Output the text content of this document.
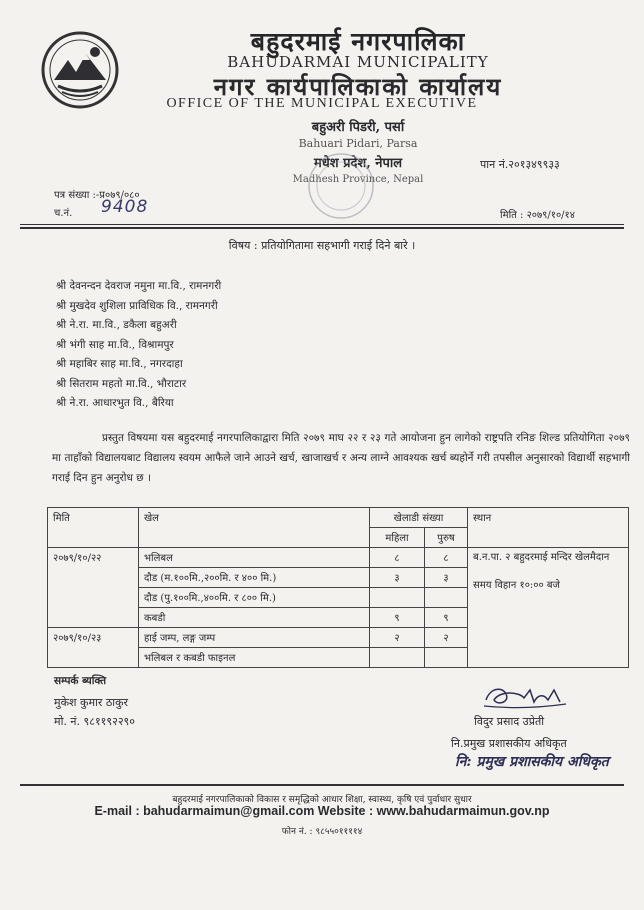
बहुदरमाई नगरपालिका
BAHUDARMAI MUNICIPALITY
नगर कार्यपालिकाको कार्यालय
OFFICE OF THE MUNICIPAL EXECUTIVE
बहुअरी पिडरी, पर्सा
Bahuari Pidari, Parsa
मधेश प्रदेश, नेपाल
Madhesh Province, Nepal
पान नं.२०१३४९९३३
पत्र संख्या :-प्र०७९/०८०
च.नं. 9408	मिति : २०७९/१०/१४
विषय : प्रतियोगितामा सहभागी गराई दिने बारे ।
श्री देवनन्दन देवराज नमुना मा.वि., रामनगरी
श्री मुखदेव शुशिला प्राविधिक वि., रामनगरी
श्री ने.रा. मा.वि., डकैला बहुअरी
श्री भंगी साह मा.वि., विश्रामपुर
श्री महाबिर साह मा.वि., नगरदाहा
श्री सितराम महतो मा.वि., भौराटार
श्री ने.रा. आधारभुत वि., बैरिया
प्रस्तुत विषयमा यस बहुदरमाई नगरपालिकाद्वारा मिति २०७९ माघ २२ र २३ गते आयोजना हुन लागेको राष्ट्रपति रनिङ शिल्ड प्रतियोगिता २०७९ मा ताहाँको विद्यालयबाट विद्यालय स्वयम आफैले जाने आउने खर्च, खाजाखर्च र अन्य लाग्ने आवश्यक खर्च ब्यहोर्ने गरी तपसील अनुसारको विद्यार्थी सहभागी गराई दिन हुन अनुरोध छ ।
मिति	खेल	खेलाडी संख्या		स्थान
		महिला	पुरुष	
२०७९/१०/२२	भलिबल	८	८	ब.न.पा. २ बहुदरमाई मन्दिर खेलमैदान
समय विहान १०:०० बजे

	दौड (म.१००मि.,२००मि. र ४०० मि.)	३	३	
	दौड (पु.१००मि.,४००मि. र ८०० मि.)			
	कबडी	९	९	
२०७९/१०/२३	हाई जम्प, लङ्ग जम्प	२	२	
	भलिबल र कबडी फाइनल			
सम्पर्क ब्यक्ति
मुकेश कुमार ठाकुर
मो. नं. ९८११९२२९०	विदुर प्रसाद उप्रेती
नि.प्रमुख प्रशासकीय अधिकृत
नि: प्रमुख प्रशासकीय अधिकृत
बहुदरमाई नगरपालिकाको विकास र समृद्धिको आधार शिक्षा, स्वास्थ्य, कृषि एवं पुर्वाधार सुधार
E-mail : bahudarmaimun@gmail.com Website : www.bahudarmaimun.gov.np
फोन नं. : ९८५५०११११४
